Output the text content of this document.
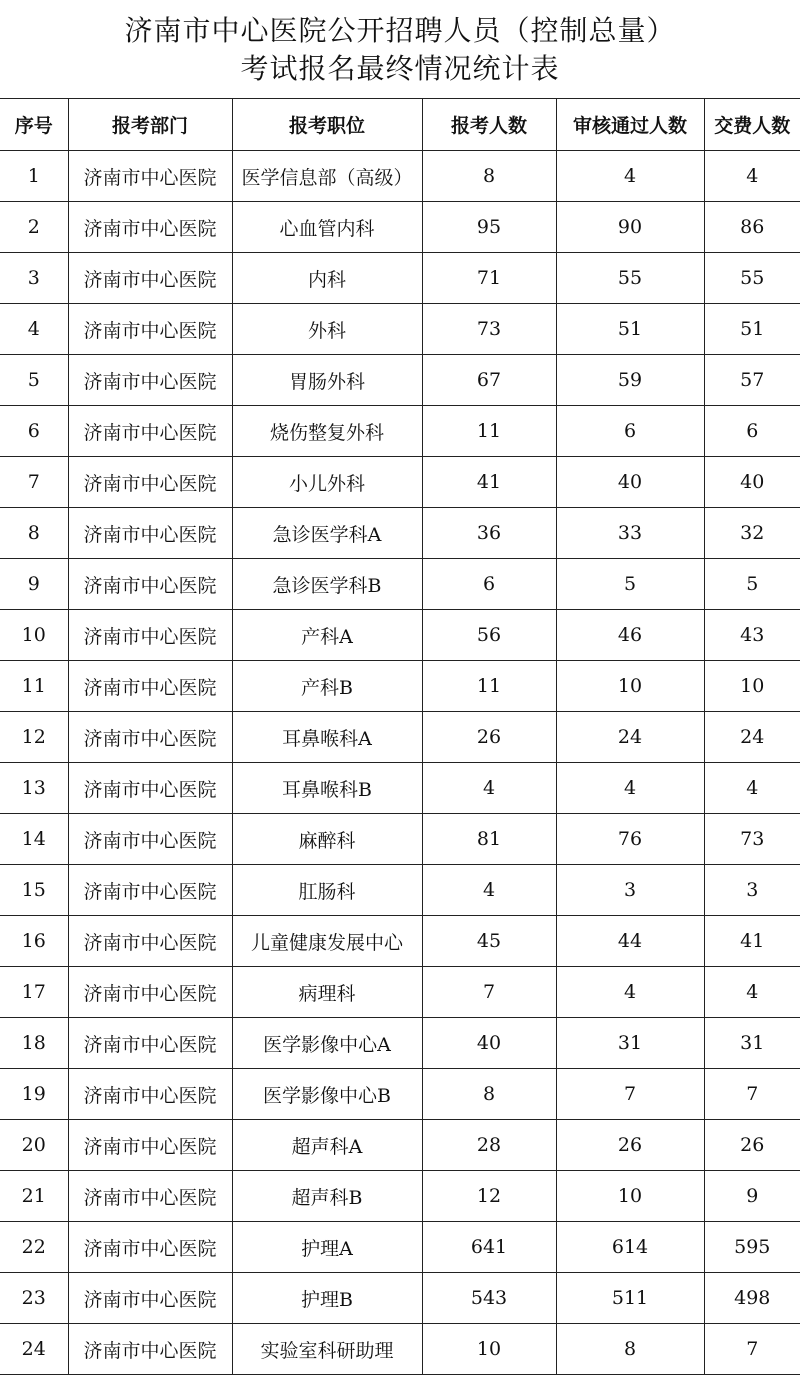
济南市中心医院公开招聘人员（控制总量）
考试报名最终情况统计表
序号	报考部门	报考职位	报考人数	审核通过人数	交费人数
1	济南市中心医院	医学信息部（高级）	8	4	4
2	济南市中心医院	心血管内科	95	90	86
3	济南市中心医院	内科	71	55	55
4	济南市中心医院	外科	73	51	51
5	济南市中心医院	胃肠外科	67	59	57
6	济南市中心医院	烧伤整复外科	11	6	6
7	济南市中心医院	小儿外科	41	40	40
8	济南市中心医院	急诊医学科A	36	33	32
9	济南市中心医院	急诊医学科B	6	5	5
10	济南市中心医院	产科A	56	46	43
11	济南市中心医院	产科B	11	10	10
12	济南市中心医院	耳鼻喉科A	26	24	24
13	济南市中心医院	耳鼻喉科B	4	4	4
14	济南市中心医院	麻醉科	81	76	73
15	济南市中心医院	肛肠科	4	3	3
16	济南市中心医院	儿童健康发展中心	45	44	41
17	济南市中心医院	病理科	7	4	4
18	济南市中心医院	医学影像中心A	40	31	31
19	济南市中心医院	医学影像中心B	8	7	7
20	济南市中心医院	超声科A	28	26	26
21	济南市中心医院	超声科B	12	10	9
22	济南市中心医院	护理A	641	614	595
23	济南市中心医院	护理B	543	511	498
24	济南市中心医院	实验室科研助理	10	8	7
